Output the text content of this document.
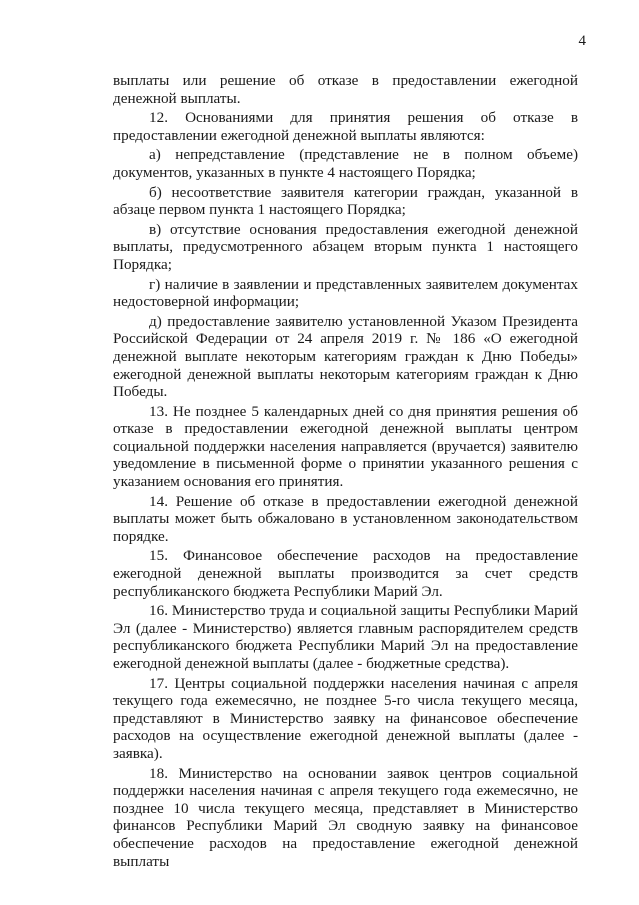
4

выплаты или решение об отказе в предоставлении ежегодной денежной выплаты.

12. Основаниями для принятия решения об отказе в предоставлении ежегодной денежной выплаты являются:

а) непредставление (представление не в полном объеме) документов, указанных в пункте 4 настоящего Порядка;

б) несоответствие заявителя категории граждан, указанной в абзаце первом пункта 1 настоящего Порядка;

в) отсутствие основания предоставления ежегодной денежной выплаты, предусмотренного абзацем вторым пункта 1 настоящего Порядка;

г) наличие в заявлении и представленных заявителем документах недостоверной информации;

д) предоставление заявителю установленной Указом Президента Российской Федерации от 24 апреля 2019 г. № 186 «О ежегодной денежной выплате некоторым категориям граждан к Дню Победы» ежегодной денежной выплаты некоторым категориям граждан к Дню Победы.

13. Не позднее 5 календарных дней со дня принятия решения об отказе в предоставлении ежегодной денежной выплаты центром социальной поддержки населения направляется (вручается) заявителю уведомление в письменной форме о принятии указанного решения с указанием основания его принятия.

14. Решение об отказе в предоставлении ежегодной денежной выплаты может быть обжаловано в установленном законодательством порядке.

15. Финансовое обеспечение расходов на предоставление ежегодной денежной выплаты производится за счет средств республиканского бюджета Республики Марий Эл.

16. Министерство труда и социальной защиты Республики Марий Эл (далее - Министерство) является главным распорядителем средств республиканского бюджета Республики Марий Эл на предоставление ежегодной денежной выплаты (далее - бюджетные средства).

17. Центры социальной поддержки населения начиная с апреля текущего года ежемесячно, не позднее 5-го числа текущего месяца, представляют в Министерство заявку на финансовое обеспечение расходов на осуществление ежегодной денежной выплаты (далее - заявка).

18. Министерство на основании заявок центров социальной поддержки населения начиная с апреля текущего года ежемесячно, не позднее 10 числа текущего месяца, представляет в Министерство финансов Республики Марий Эл сводную заявку на финансовое обеспечение расходов на предоставление ежегодной денежной выплаты
